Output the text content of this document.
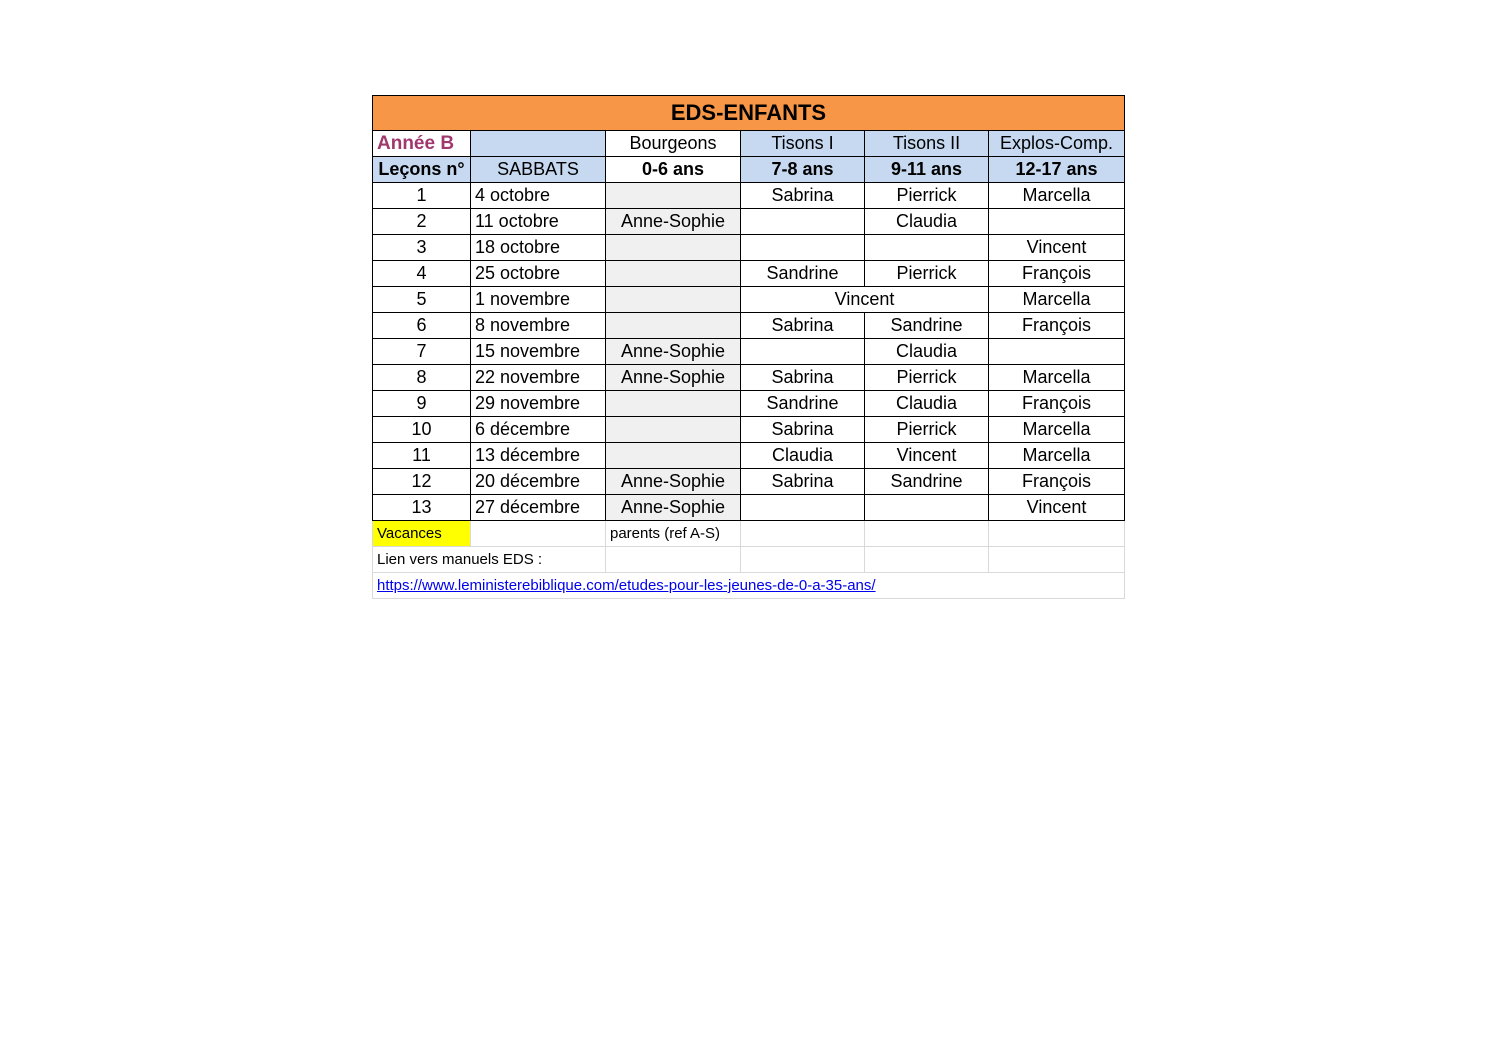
EDS-ENFANTS					
Année B		Bourgeons	Tisons I	Tisons II	Explos-Comp.
Leçons n°	SABBATS	0-6 ans	7-8 ans	9-11 ans	12-17 ans
1	4 octobre		Sabrina	Pierrick	Marcella
2	11 octobre	Anne-Sophie		Claudia	
3	18 octobre				Vincent
4	25 octobre		Sandrine	Pierrick	François
5	1 novembre		Vincent		Marcella
6	8 novembre		Sabrina	Sandrine	François
7	15 novembre	Anne-Sophie		Claudia	
8	22 novembre	Anne-Sophie	Sabrina	Pierrick	Marcella
9	29 novembre		Sandrine	Claudia	François
10	6 décembre		Sabrina	Pierrick	Marcella
11	13 décembre		Claudia	Vincent	Marcella
12	20 décembre	Anne-Sophie	Sabrina	Sandrine	François
13	27 décembre	Anne-Sophie			Vincent
Vacances		parents (ref A-S)			
Lien vers manuels EDS :					
https://www.leministerebiblique.com/etudes-pour-les-jeunes-de-0-a-35-ans/					
